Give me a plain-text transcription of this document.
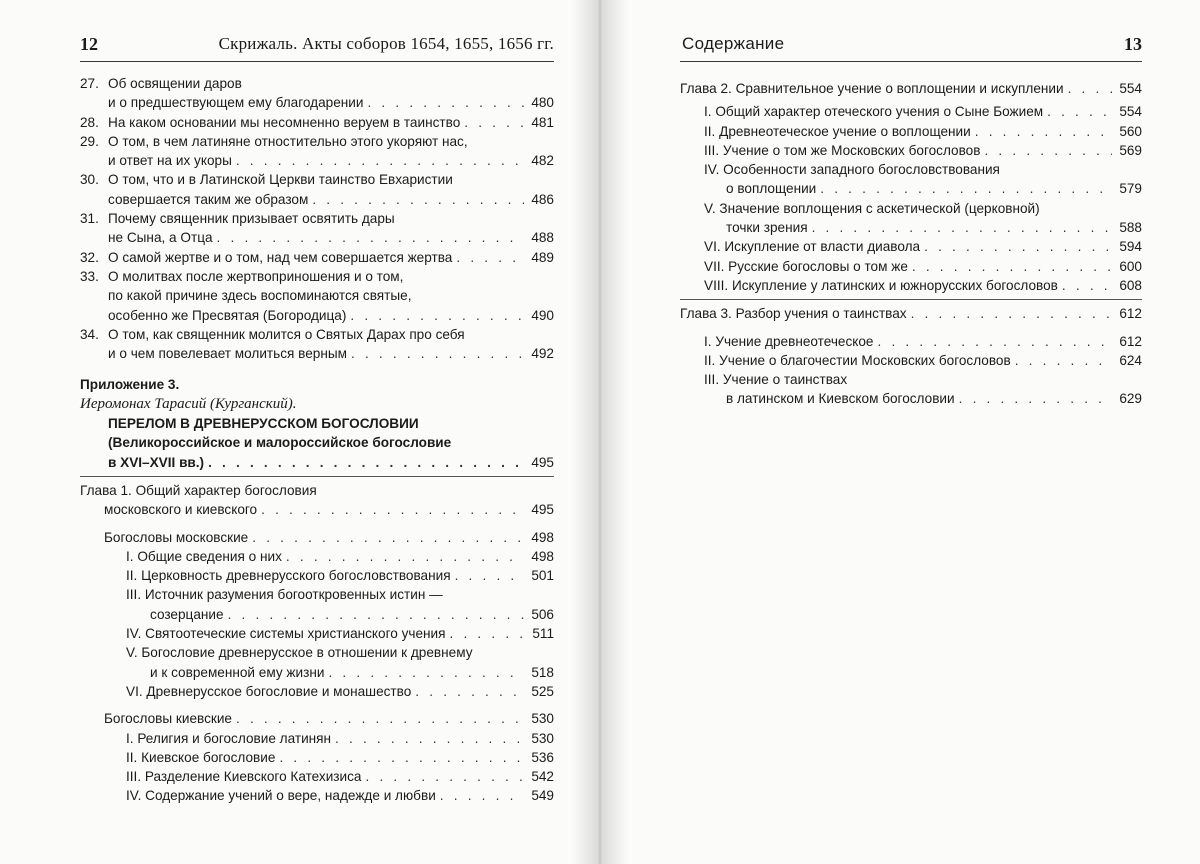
12	Скрижаль. Акты соборов 1654, 1655, 1656 гг.
27. Об освящении даров
и о предшествующем ему благодарении . . .	480
28. На каком основании мы несомненно веруем в таинство . . .	481
29. О том, в чем латиняне отностительно этого укоряют нас,
и ответ на их укоры . . .	482
30. О том, что и в Латинской Церкви таинство Евхаристии
совершается таким же образом . . .	486
31. Почему священник призывает освятить дары
не Сына, а Отца . . .	488
32. О самой жертве и о том, над чем совершается жертва . . .	489
33. О молитвах после жертвоприношения и о том,
по какой причине здесь воспоминаются святые,
особенно же Пресвятая (Богородица) . . .	490
34. О том, как священник молится о Святых Дарах про себя
и о чем повелевает молиться верным . . .	492
Приложение 3.
Иеромонах Тарасий (Курганский).
ПЕРЕЛОМ В ДРЕВНЕРУССКОМ БОГОСЛОВИИ
(Великороссийское и малороссийское богословие
в XVI–XVII вв.) . . .	495
Глава 1. Общий характер богословия
московского и киевского . . .	495
Богословы московские . . .	498
I. Общие сведения о них . . .	498
II. Церковность древнерусского богословствования . . .	501
III. Источник разумения богооткровенных истин —
созерцание . . .	506
IV. Святоотеческие системы христианского учения . . .	511
V. Богословие древнерусское в отношении к древнему
и к современной ему жизни . . .	518
VI. Древнерусское богословие и монашество . . .	525
Богословы киевские . . .	530
I. Религия и богословие латинян . . .	530
II. Киевское богословие . . .	536
III. Разделение Киевского Катехизиса . . .	542
IV. Содержание учений о вере, надежде и любви . . .	549
Содержание	13
Глава 2. Сравнительное учение о воплощении и искуплении . . .	554
I. Общий характер отеческого учения о Сыне Божием . . .	554
II. Древнеотеческое учение о воплощении . . .	560
III. Учение о том же Московских богословов . . .	569
IV. Особенности западного богословствования
о воплощении . . .	579
V. Значение воплощения с аскетической (церковной)
точки зрения . . .	588
VI. Искупление от власти диавола . . .	594
VII. Русские богословы о том же . . .	600
VIII. Искупление у латинских и южнорусских богословов . . .	608
Глава 3. Разбор учения о таинствах . . .	612
I. Учение древнеотеческое . . .	612
II. Учение о благочестии Московских богословов . . .	624
III. Учение о таинствах
в латинском и Киевском богословии . . .	629
